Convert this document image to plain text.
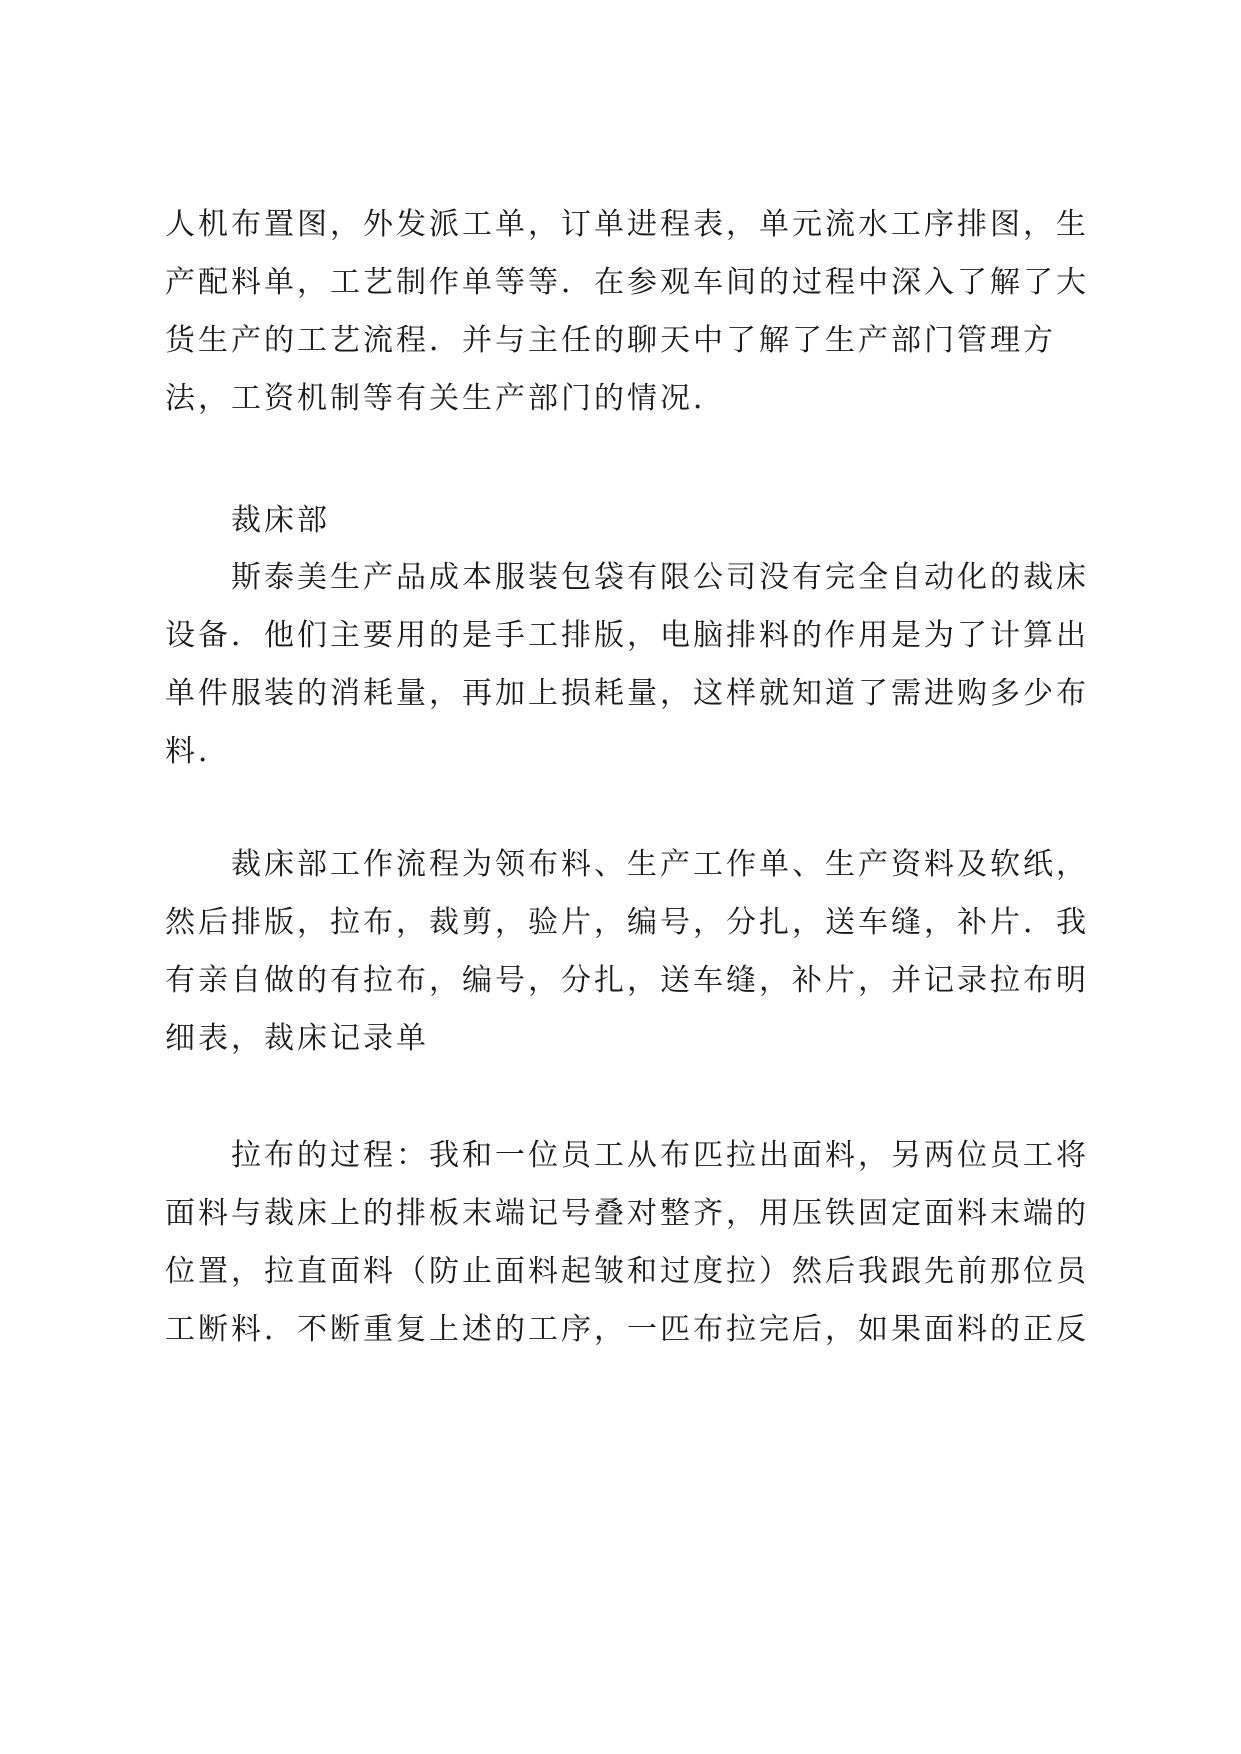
人机布置图，外发派工单，订单进程表，单元流水工序排图，生
产配料单，工艺制作单等等．在参观车间的过程中深入了解了大
货生产的工艺流程．并与主任的聊天中了解了生产部门管理方
法，工资机制等有关生产部门的情况．
裁床部
斯泰美生产品成本服装包袋有限公司没有完全自动化的裁床
设备．他们主要用的是手工排版，电脑排料的作用是为了计算出
单件服装的消耗量，再加上损耗量，这样就知道了需进购多少布
料．
裁床部工作流程为领布料、生产工作单、生产资料及软纸，
然后排版，拉布，裁剪，验片，编号，分扎，送车缝，补片．我
有亲自做的有拉布，编号，分扎，送车缝，补片，并记录拉布明
细表，裁床记录单
拉布的过程：我和一位员工从布匹拉出面料，另两位员工将
面料与裁床上的排板末端记号叠对整齐，用压铁固定面料末端的
位置，拉直面料（防止面料起皱和过度拉）然后我跟先前那位员
工断料．不断重复上述的工序，一匹布拉完后，如果面料的正反
